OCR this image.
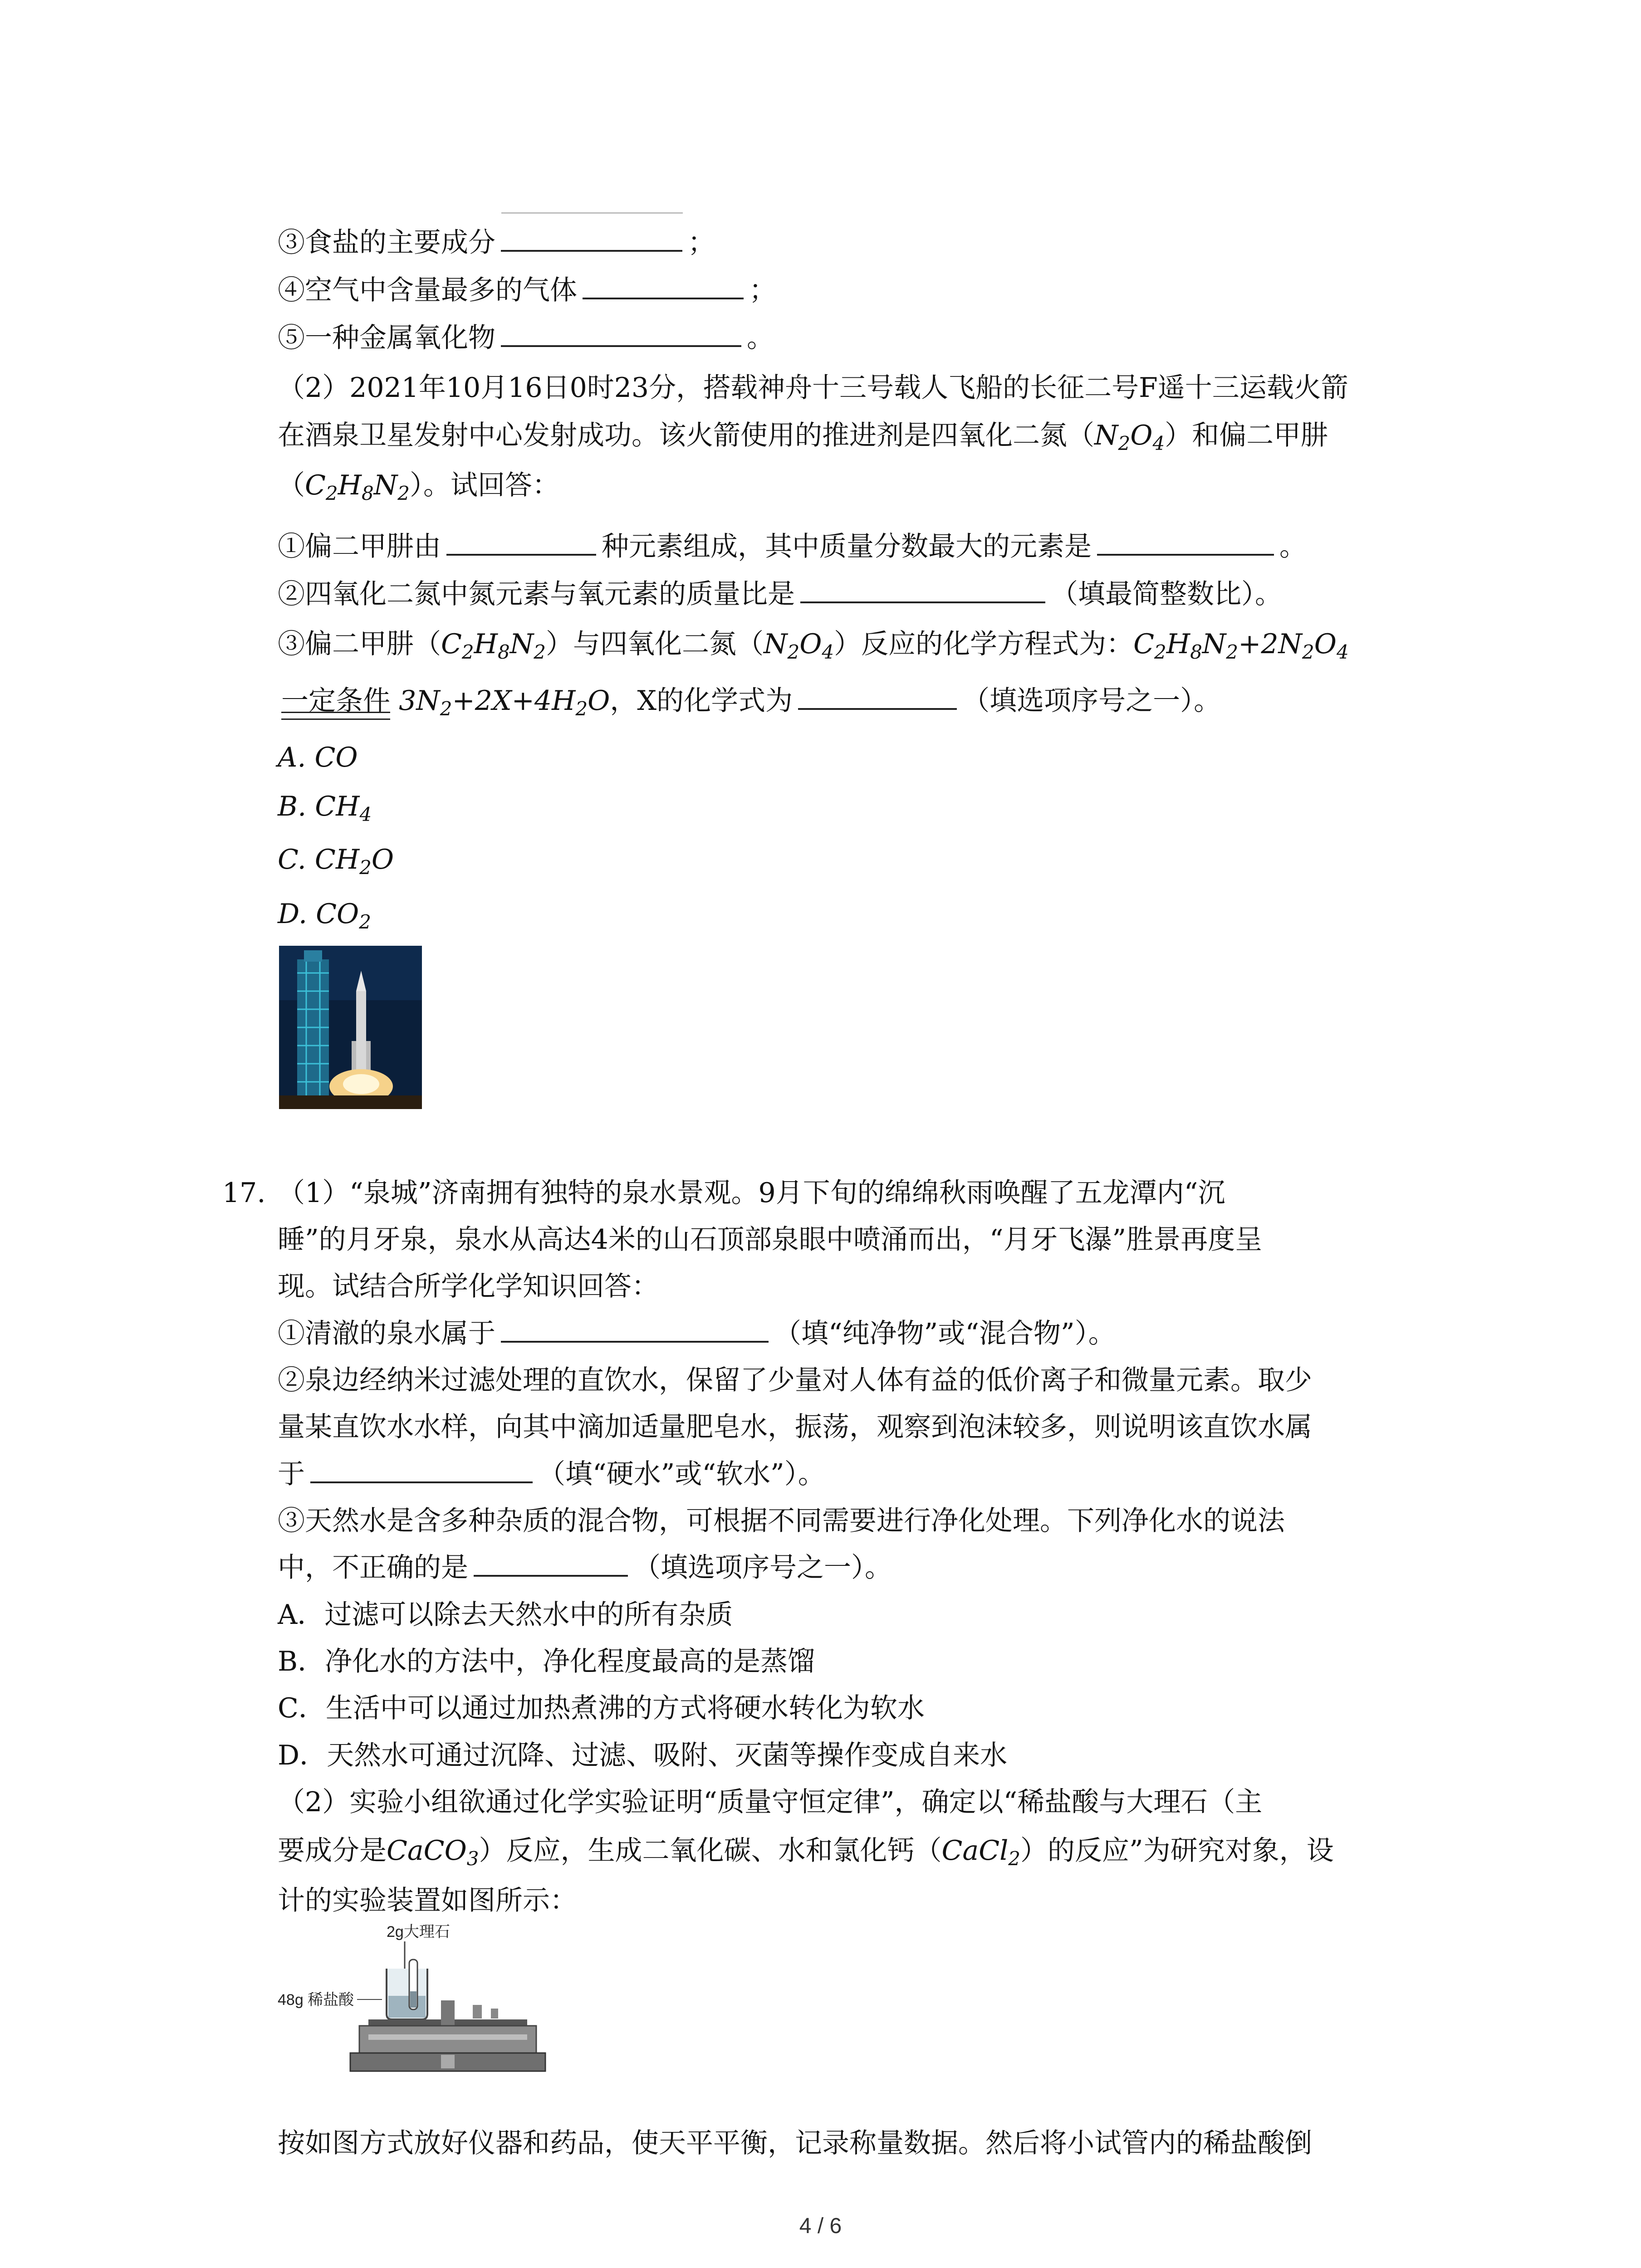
③食盐的主要成分	；
④空气中含量最多的气体	；
⑤一种金属氧化物	。
（2）2021年10月16日0时23分，搭载神舟十三号载人飞船的长征二号F遥十三运载火箭
在酒泉卫星发射中心发射成功。该火箭使用的推进剂是四氧化二氮$(N_2O_4)$和偏二甲肼
$(C_2H_8N_2)$。试回答：
①偏二甲肼由	种元素组成，其中质量分数最大的元素是	。
②四氧化二氮中氮元素与氧元素的质量比是	（填最简整数比）。
③偏二甲肼$(C_2H_8N_2)$与四氧化二氮$(N_2O_4)$反应的化学方程式为：$C_2H_8N_2+2N_2O_4$
一定条件 $3N_2+2X+4H_2O$，X的化学式为	（填选项序号之一）。
A. CO
B. $CH_4$
C. $CH_2O$
D. $CO_2$
17. （1）“泉城”济南拥有独特的泉水景观。9月下旬的绵绵秋雨唤醒了五龙潭内“沉
睡”的月牙泉，泉水从高达4米的山石顶部泉眼中喷涌而出，“月牙飞瀑”胜景再度呈
现。试结合所学化学知识回答：
①清澈的泉水属于	（填“纯净物”或“混合物”）。
②泉边经纳米过滤处理的直饮水，保留了少量对人体有益的低价离子和微量元素。取少
量某直饮水水样，向其中滴加适量肥皂水，振荡，观察到泡沫较多，则说明该直饮水属
于	（填“硬水”或“软水”）。
③天然水是含多种杂质的混合物，可根据不同需要进行净化处理。下列净化水的说法
中，不正确的是	（填选项序号之一）。
A．过滤可以除去天然水中的所有杂质
B．净化水的方法中，净化程度最高的是蒸馏
C．生活中可以通过加热煮沸的方式将硬水转化为软水
D．天然水可通过沉降、过滤、吸附、灭菌等操作变成自来水
（2）实验小组欲通过化学实验证明“质量守恒定律”，确定以“稀盐酸与大理石（主
要成分是CaCO$_3$）反应，生成二氧化碳、水和氯化钙（CaCl$_2$）的反应”为研究对象，设
计的实验装置如图所示：
2g大理石
48g 稀盐酸
按如图方式放好仪器和药品，使天平平衡，记录称量数据。然后将小试管内的稀盐酸倒
4 / 6
